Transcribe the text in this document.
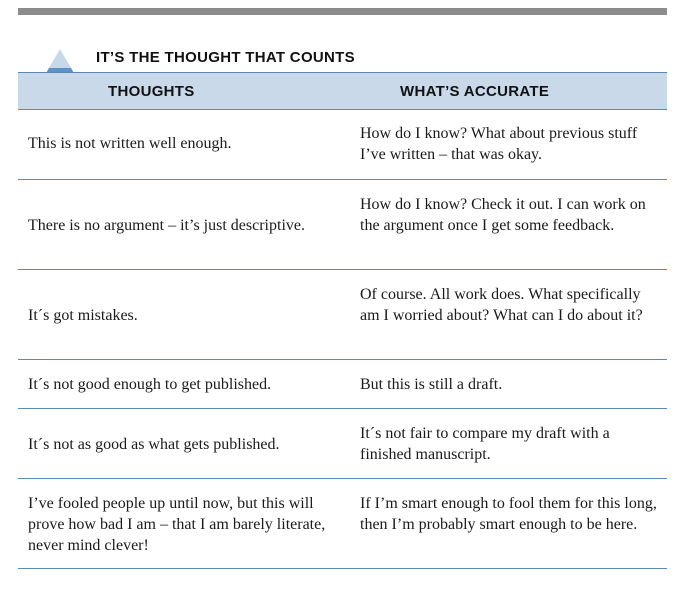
IT’S THE THOUGHT THAT COUNTS
THOUGHTS	WHAT’S ACCURATE
This is not written well enough.
How do I know? What about previous stuff I’ve written – that was okay.
There is no argument – it’s just descriptive.
How do I know? Check it out. I can work on the argument once I get some feedback.
It´s got mistakes.
Of course. All work does. What specifically am I worried about? What can I do about it?
It´s not good enough to get published.	But this is still a draft.
It´s not as good as what gets published.
It´s not fair to compare my draft with a finished manuscript.
I’ve fooled people up until now, but this will prove how bad I am – that I am barely literate, never mind clever!
If I’m smart enough to fool them for this long, then I’m probably smart enough to be here.
